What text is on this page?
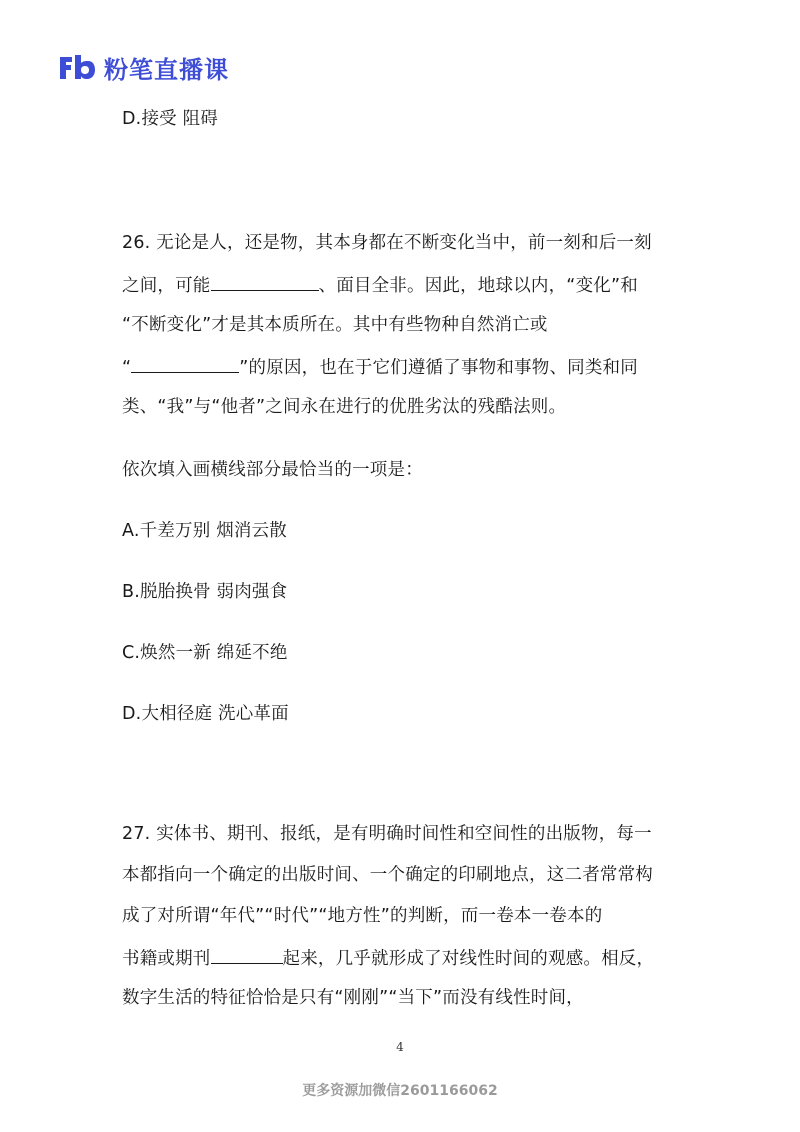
粉笔直播课
D.接受 阻碍
26. 无论是人，还是物，其本身都在不断变化当中，前一刻和后一刻
之间，可能	、面目全非。因此，地球以内，“变化”和
“不断变化”才是其本质所在。其中有些物种自然消亡或
“	”的原因，也在于它们遵循了事物和事物、同类和同
类、“我”与“他者”之间永在进行的优胜劣汰的残酷法则。
依次填入画横线部分最恰当的一项是：
A.千差万别 烟消云散
B.脱胎换骨 弱肉强食
C.焕然一新 绵延不绝
D.大相径庭 洗心革面
27. 实体书、期刊、报纸，是有明确时间性和空间性的出版物，每一
本都指向一个确定的出版时间、一个确定的印刷地点，这二者常常构
成了对所谓“年代”“时代”“地方性”的判断，而一卷本一卷本的
书籍或期刊	起来，几乎就形成了对线性时间的观感。相反，
数字生活的特征恰恰是只有“刚刚”“当下”而没有线性时间，
4
更多资源加微信2601166062
